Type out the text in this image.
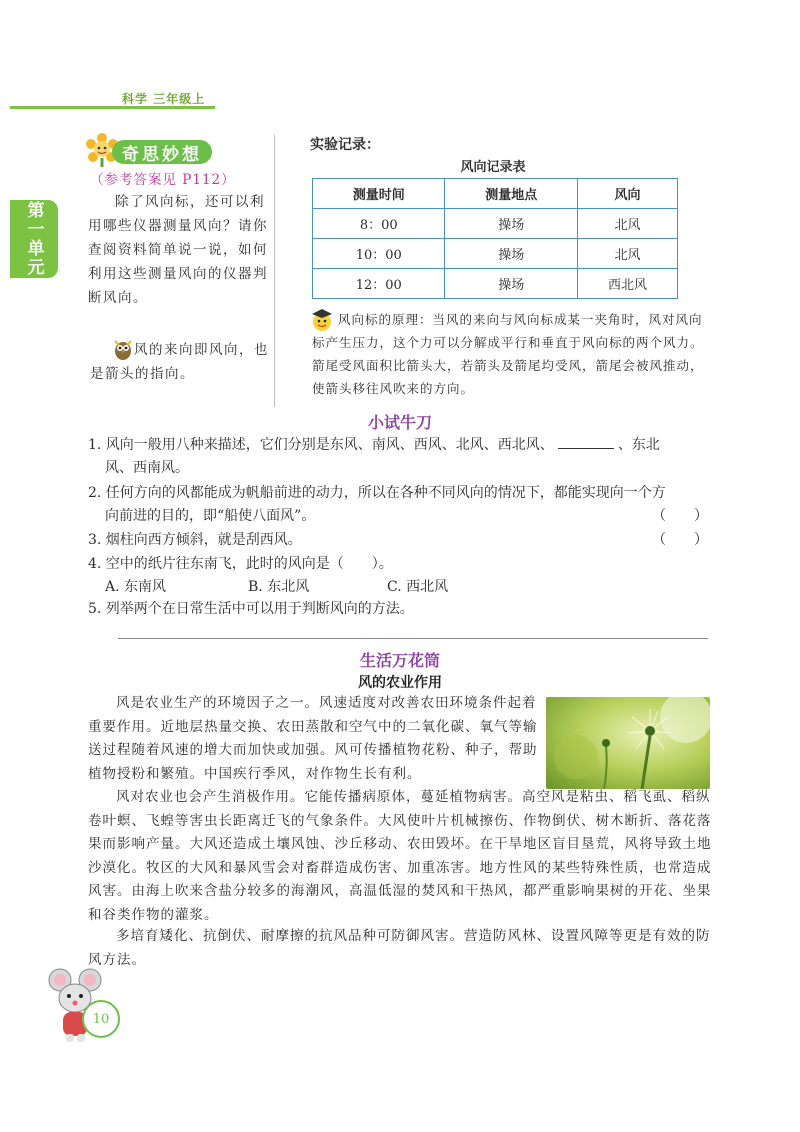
科学 三年级上
第一单元
奇思妙想
（参考答案见 P112）
除了风向标，还可以利用哪些仪器测量风向？请你查阅资料简单说一说，如何利用这些测量风向的仪器判断风向。
风的来向即风向，也是箭头的指向。
实验记录：
风向记录表
测量时间	测量地点	风向
8：00	操场	北风
10：00	操场	北风
12：00	操场	西北风
风向标的原理：当风的来向与风向标成某一夹角时，风对风向标产生压力，这个力可以分解成平行和垂直于风向标的两个风力。箭尾受风面积比箭头大，若箭头及箭尾均受风，箭尾会被风推动，使箭头移往风吹来的方向。
小试牛刀
1. 风向一般用八种来描述，它们分别是东风、南风、西风、北风、西北风、	、东北
风、西南风。
2. 任何方向的风都能成为帆船前进的动力，所以在各种不同风向的情况下，都能实现向一个方
向前进的目的，即“船使八面风”。	（　　）
3. 烟柱向西方倾斜，就是刮西风。	（　　）
4. 空中的纸片往东南飞，此时的风向是（　　）。
A. 东南风	B. 东北风	C. 西北风
5. 列举两个在日常生活中可以用于判断风向的方法。
生活万花筒
风的农业作用
风是农业生产的环境因子之一。风速适度对改善农田环境条件起着重要作用。近地层热量交换、农田蒸散和空气中的二氧化碳、氧气等输送过程随着风速的增大而加快或加强。风可传播植物花粉、种子，帮助植物授粉和繁殖。中国疾行季风，对作物生长有利。
风对农业也会产生消极作用。它能传播病原体，蔓延植物病害。高空风是粘虫、稻飞虱、稻纵卷叶螟、飞蝗等害虫长距离迁飞的气象条件。大风使叶片机械擦伤、作物倒伏、树木断折、落花落果而影响产量。大风还造成土壤风蚀、沙丘移动、农田毁坏。在干旱地区盲目垦荒，风将导致土地沙漠化。牧区的大风和暴风雪会对畜群造成伤害、加重冻害。地方性风的某些特殊性质，也常造成风害。由海上吹来含盐分较多的海潮风，高温低湿的焚风和干热风，都严重影响果树的开花、坐果和谷类作物的灌浆。
多培育矮化、抗倒伏、耐摩擦的抗风品种可防御风害。营造防风林、设置风障等更是有效的防风方法。
10
